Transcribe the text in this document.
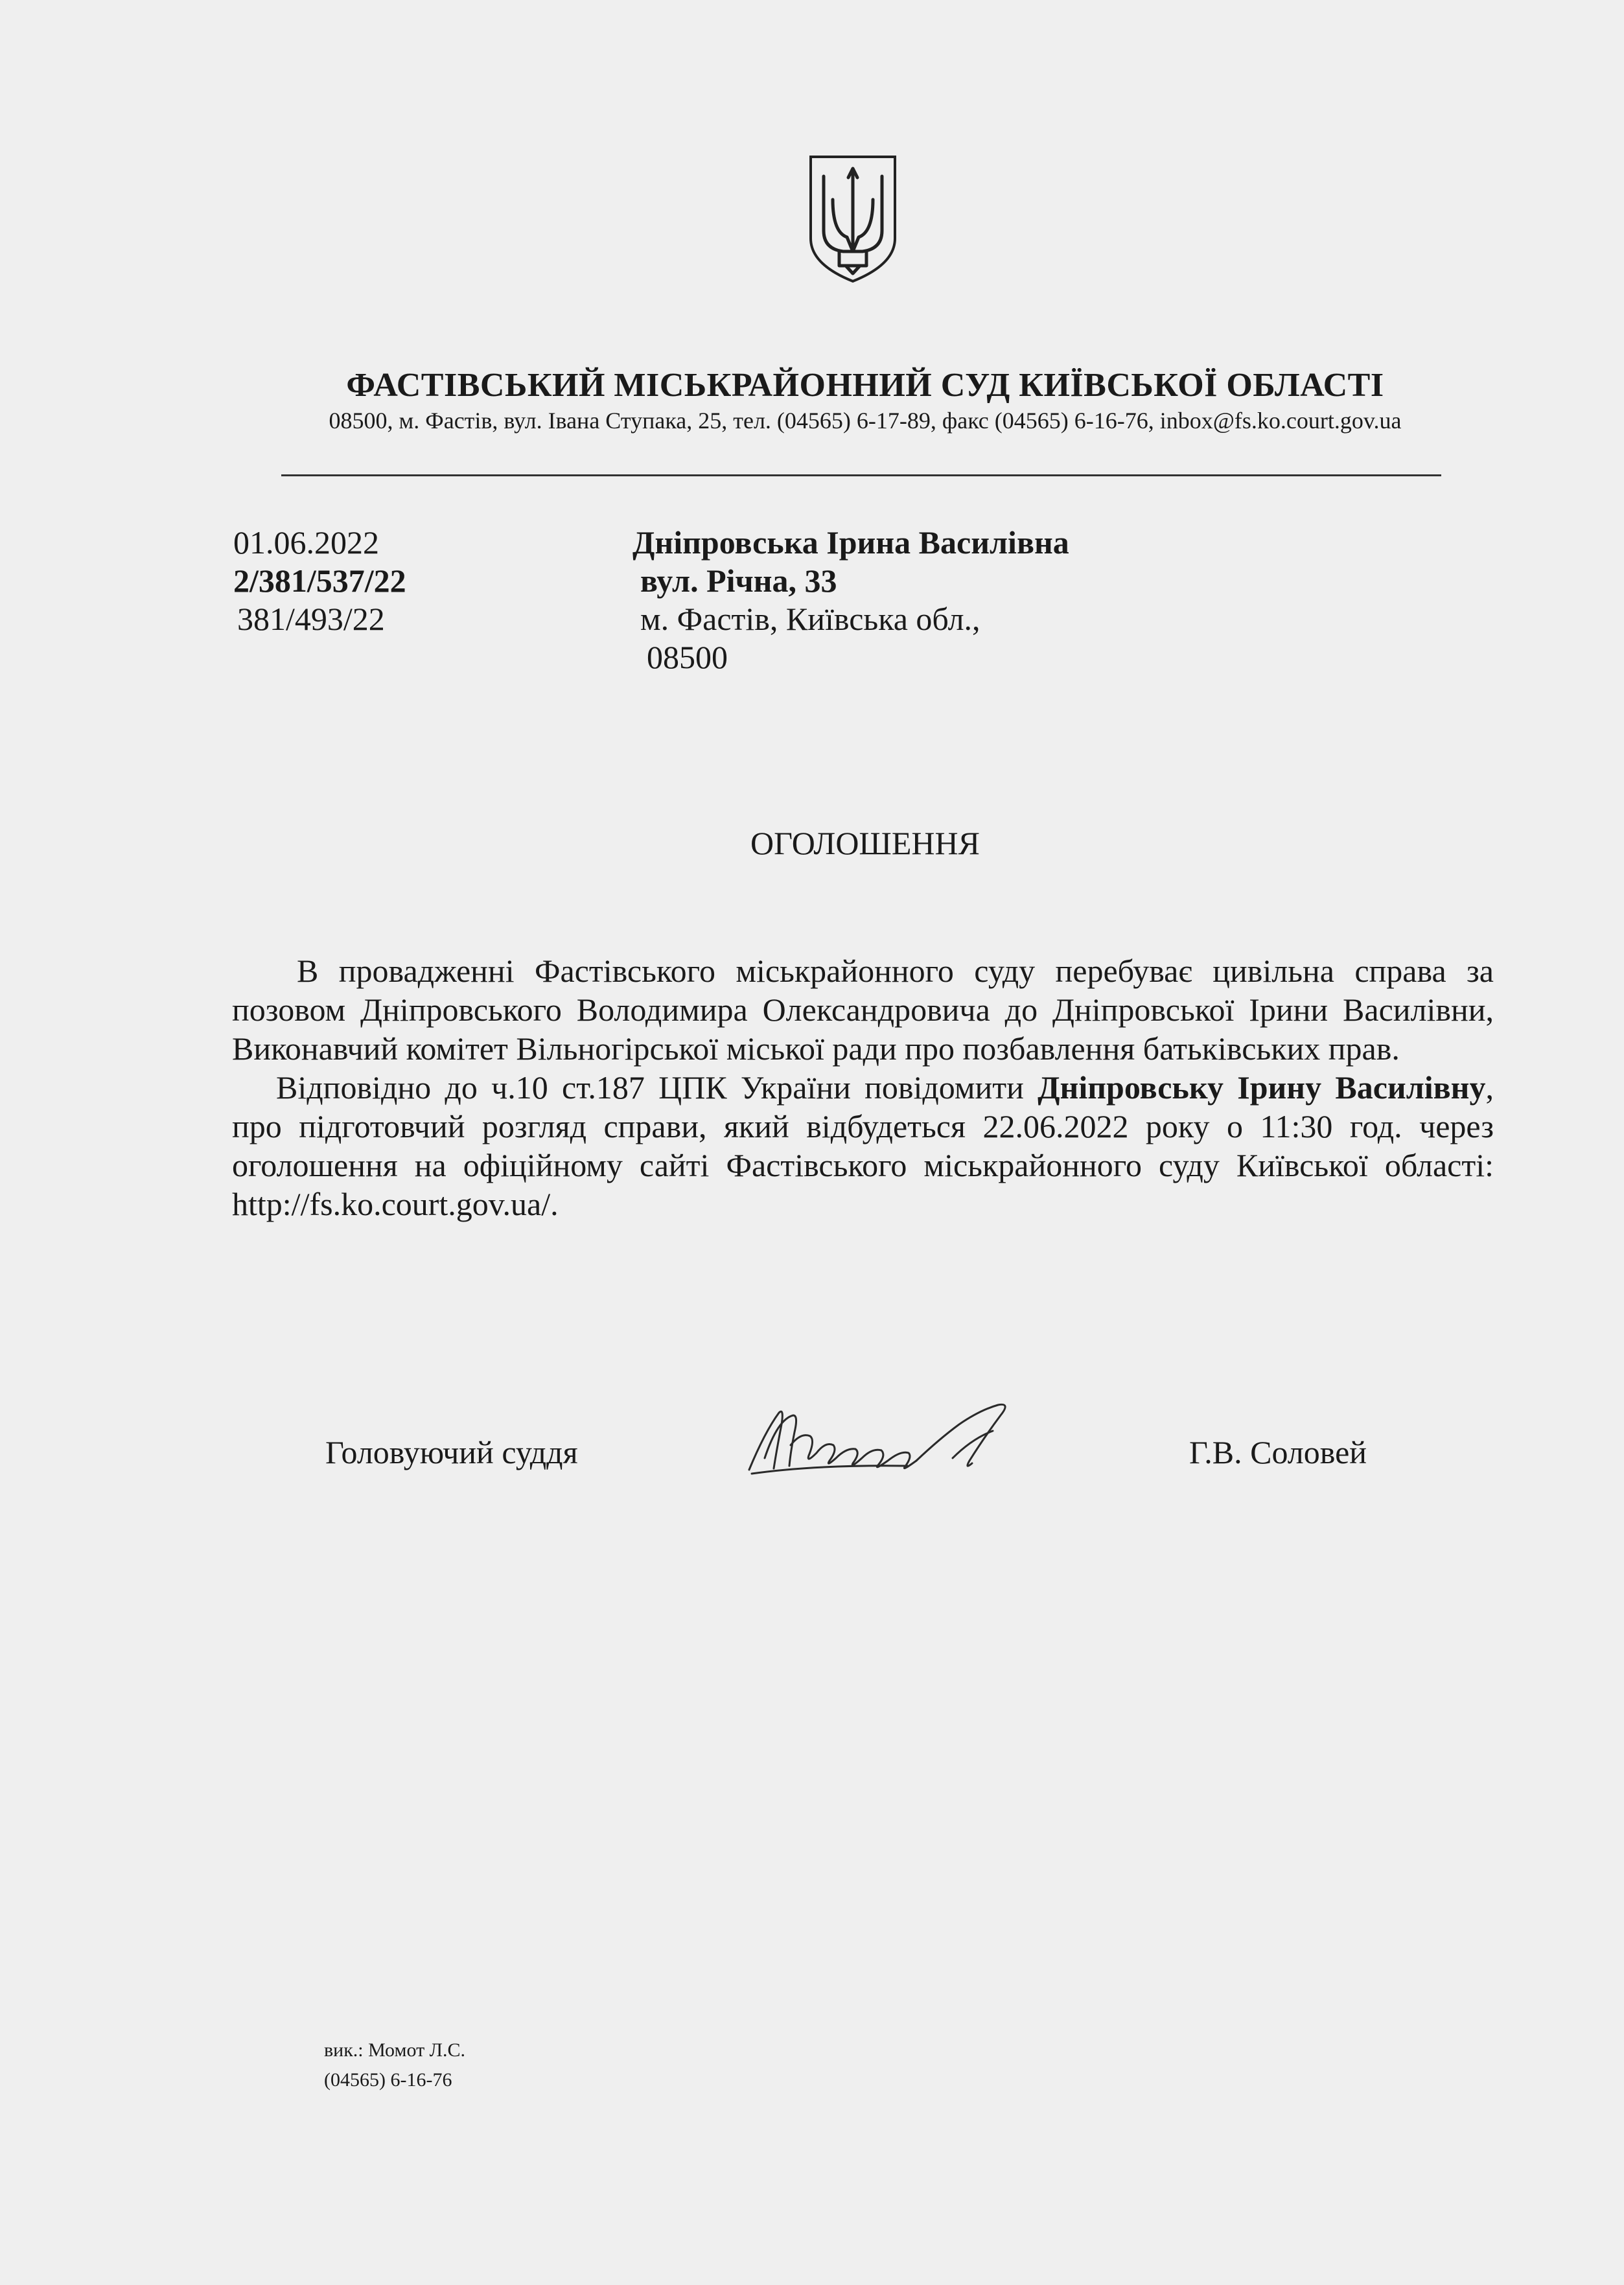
ФАСТІВСЬКИЙ МІСЬКРАЙОННИЙ СУД КИЇВСЬКОЇ ОБЛАСТІ
08500, м. Фастів, вул. Івана Ступака, 25, тел. (04565) 6-17-89, факс (04565) 6-16-76, inbox@fs.ko.court.gov.ua
01.06.2022
2/381/537/22
381/493/22
Дніпровська Ірина Василівна
вул. Річна, 33
м. Фастів, Київська обл.,
08500
ОГОЛОШЕННЯ

В провадженні Фастівського міськрайонного суду перебуває цивільна справа за позовом Дніпровського Володимира Олександровича до Дніпровської Ірини Василівни, Виконавчий комітет Вільногірської міської ради про позбавлення батьківських прав.

Відповідно до ч.10 ст.187 ЦПК України повідомити Дніпровську Ірину Василівну, про підготовчий розгляд справи, який відбудеться 22.06.2022 року о 11:30 год. через оголошення на офіційному сайті Фастівського міськрайонного суду Київської області: http://fs.ko.court.gov.ua/.

Головуючий суддя	Г.В. Соловей
вик.: Момот Л.С.
(04565) 6-16-76
